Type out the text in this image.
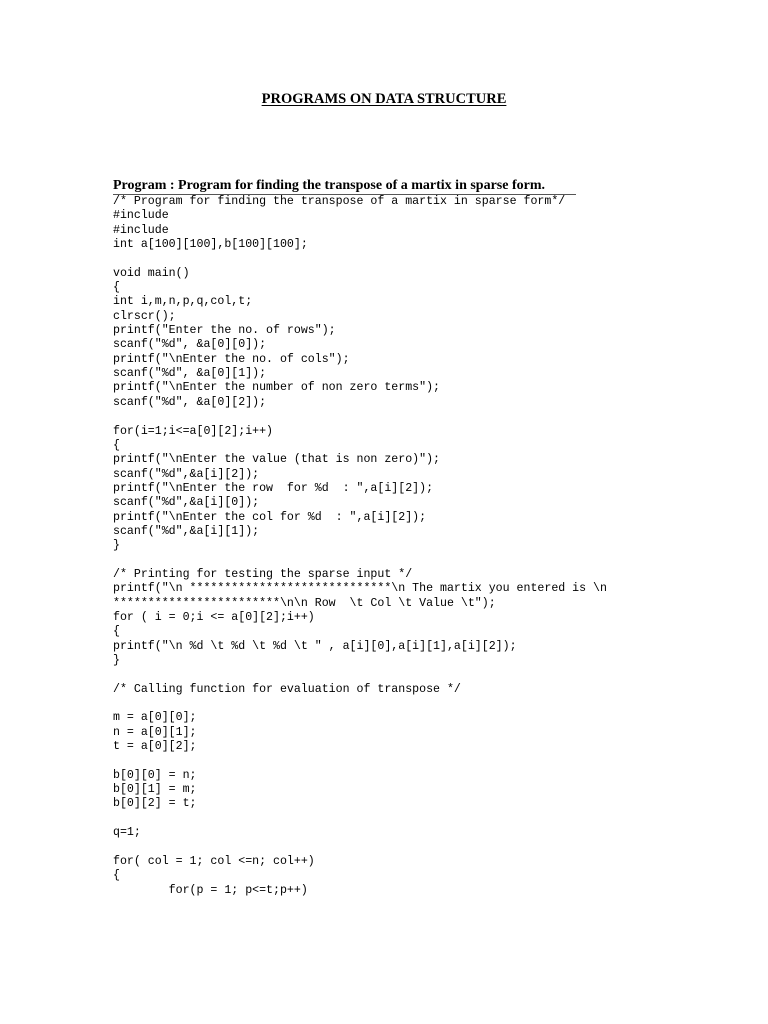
PROGRAMS ON DATA STRUCTURE
Program : Program for finding the transpose of a martix in sparse form.
/* Program for finding the transpose of a martix in sparse form*/
#include
#include
int a[100][100],b[100][100];
void main()
{
int i,m,n,p,q,col,t;
clrscr();
printf("Enter the no. of rows");
scanf("%d", &a[0][0]);
printf("\nEnter the no. of cols");
scanf("%d", &a[0][1]);
printf("\nEnter the number of non zero terms");
scanf("%d", &a[0][2]);
for(i=1;i<=a[0][2];i++)
{
printf("\nEnter the value (that is non zero)");
scanf("%d",&a[i][2]);
printf("\nEnter the row  for %d  : ",a[i][2]);
scanf("%d",&a[i][0]);
printf("\nEnter the col for %d  : ",a[i][2]);
scanf("%d",&a[i][1]);
}
/* Printing for testing the sparse input */
printf("\n *****************************\n The martix you entered is \n
************************\n\n Row  \t Col \t Value \t");
for ( i = 0;i <= a[0][2];i++)
{
printf("\n %d \t %d \t %d \t " , a[i][0],a[i][1],a[i][2]);
}
/* Calling function for evaluation of transpose */
m = a[0][0];
n = a[0][1];
t = a[0][2];
b[0][0] = n;
b[0][1] = m;
b[0][2] = t;
q=1;
for( col = 1; col <=n; col++)
{
for(p = 1; p<=t;p++)
